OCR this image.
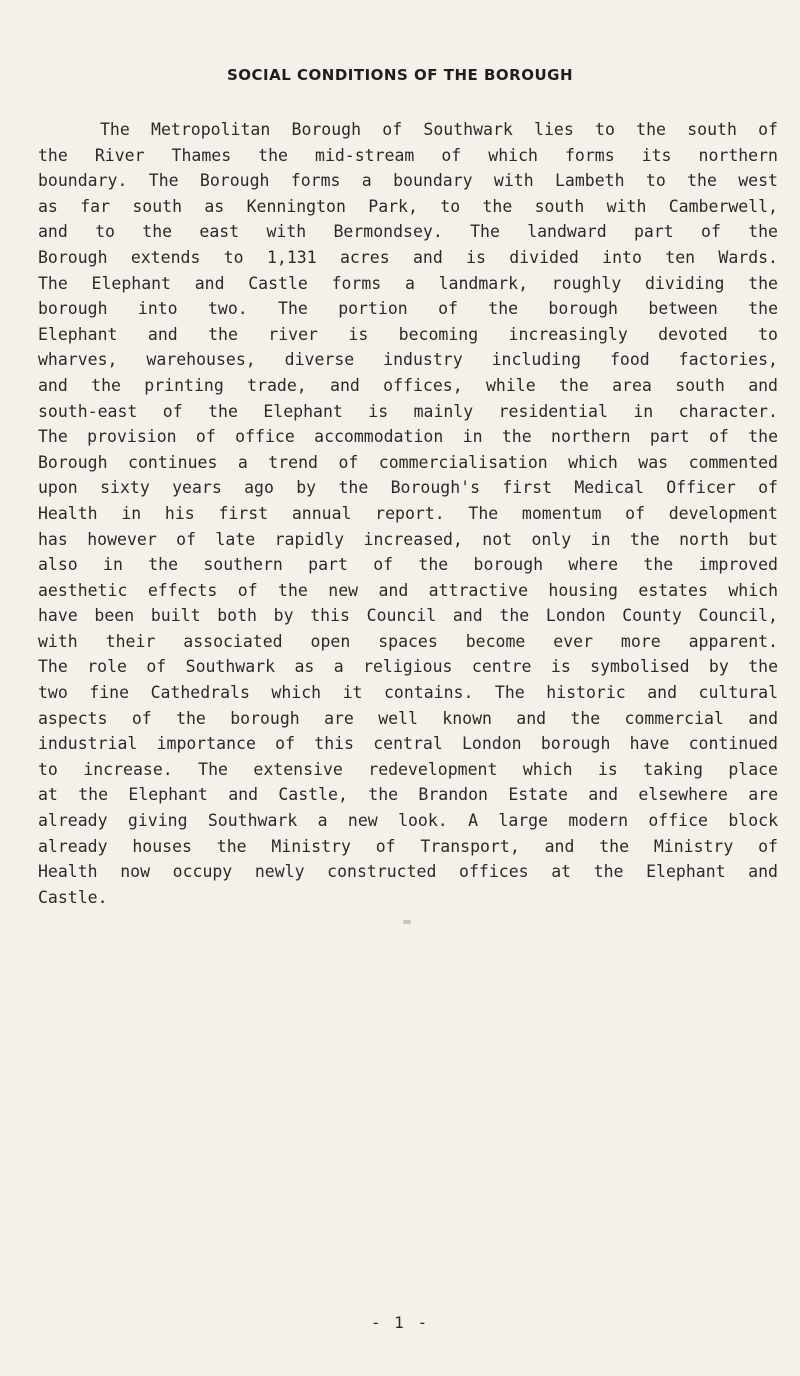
SOCIAL CONDITIONS OF THE BOROUGH
The Metropolitan Borough of Southwark lies to the south of
the River Thames the mid-stream of which forms its northern
boundary. The Borough forms a boundary with Lambeth to the west
as far south as Kennington Park, to the south with Camberwell,
and to the east with Bermondsey. The landward part of the
Borough extends to 1,131 acres and is divided into ten Wards.
The Elephant and Castle forms a landmark, roughly dividing the
borough into two. The portion of the borough between the
Elephant and the river is becoming increasingly devoted to
wharves, warehouses, diverse industry including food factories,
and the printing trade, and offices, while the area south and
south-east of the Elephant is mainly residential in character.
The provision of office accommodation in the northern part of the
Borough continues a trend of commercialisation which was commented
upon sixty years ago by the Borough's first Medical Officer of
Health in his first annual report. The momentum of development
has however of late rapidly increased, not only in the north but
also in the southern part of the borough where the improved
aesthetic effects of the new and attractive housing estates which
have been built both by this Council and the London County Council,
with their associated open spaces become ever more apparent.
The role of Southwark as a religious centre is symbolised by the
two fine Cathedrals which it contains. The historic and cultural
aspects of the borough are well known and the commercial and
industrial importance of this central London borough have continued
to increase. The extensive redevelopment which is taking place
at the Elephant and Castle, the Brandon Estate and elsewhere are
already giving Southwark a new look. A large modern office block
already houses the Ministry of Transport, and the Ministry of
Health now occupy newly constructed offices at the Elephant and
Castle.
- 1 -
